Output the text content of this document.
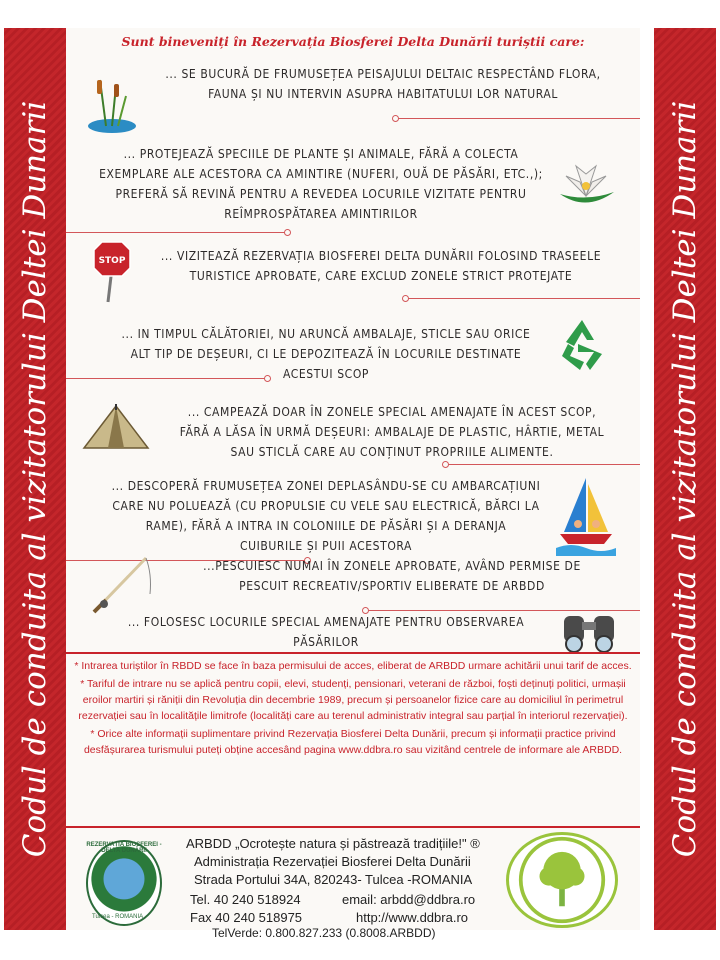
Codul de conduita al vizitatorului Deltei Dunarii	Codul de conduita al vizitatorului Deltei Dunarii
Sunt bineveniți în Rezervația Biosferei Delta Dunării turiștii care:
... SE BUCURĂ DE FRUMUSEȚEA PEISAJULUI DELTAIC RESPECTÂND FLORA,
FAUNA ȘI NU INTERVIN ASUPRA HABITATULUI LOR NATURAL
... PROTEJEAZĂ SPECIILE DE PLANTE ȘI ANIMALE, FĂRĂ A COLECTA
EXEMPLARE ALE ACESTORA CA AMINTIRE (NUFERI, OUĂ DE PĂSĂRI, ETC.,);
PREFERĂ SĂ REVINĂ PENTRU A REVEDEA LOCURILE VIZITATE PENTRU
REÎMPROSPĂTAREA AMINTIRILOR
STOP	... VIZITEAZĂ REZERVAȚIA BIOSFEREI DELTA DUNĂRII FOLOSIND TRASEELE
TURISTICE APROBATE, CARE EXCLUD ZONELE STRICT PROTEJATE
... IN TIMPUL CĂLĂTORIEI, NU ARUNCĂ AMBALAJE, STICLE SAU ORICE
ALT TIP DE DEȘEURI, CI LE DEPOZITEAZĂ ÎN LOCURILE DESTINATE
ACESTUI SCOP
... CAMPEAZĂ DOAR ÎN ZONELE SPECIAL AMENAJATE ÎN ACEST SCOP,
FĂRĂ A LĂSA ÎN URMĂ DEȘEURI: AMBALAJE DE PLASTIC, HÂRTIE, METAL
SAU STICLĂ CARE AU CONȚINUT PROPRIILE ALIMENTE.
... DESCOPERĂ FRUMUSEȚEA ZONEI DEPLASÂNDU-SE CU AMBARCAȚIUNI
CARE NU POLUEAZĂ (CU PROPULSIE CU VELE SAU ELECTRICĂ, BĂRCI LA
RAME), FĂRĂ A INTRA IN COLONIILE DE PĂSĂRI ȘI A DERANJA
CUIBURILE ȘI PUII ACESTORA
...PESCUIESC NUMAI ÎN ZONELE APROBATE, AVÂND PERMISE DE
PESCUIT RECREATIV/SPORTIV ELIBERATE DE ARBDD
... FOLOSESC LOCURILE SPECIAL AMENAJATE PENTRU OBSERVAREA
PĂSĂRILOR

* Intrarea turiștilor în RBDD se face în baza permisului de acces, eliberat de ARBDD urmare achitării unui tarif de acces.

* Tariful de intrare nu se aplică pentru copii, elevi, studenți, pensionari, veterani de război, foști deținuți politici, urmașii eroilor martiri și răniții din Revoluția din decembrie 1989, precum și persoanelor fizice care au domiciliul în perimetrul rezervației sau în localitățile limitrofe (localități care au terenul administrativ integral sau parțial în interiorul rezervației).

* Orice alte informații suplimentare privind Rezervația Biosferei Delta Dunării, precum și informații practice privind desfășurarea turismului puteți obține accesând pagina www.ddbra.ro sau vizitând centrele de informare ale ARBDD.

REZERVAȚIA BIOSFEREI - DELTA DUNĂRII
Tulcea - ROMANIA
ARBDD „Ocrotește natura și păstrează tradițiile!" ®
Administrația Rezervației Biosferei Delta Dunării
Strada Portului 34A, 820243- Tulcea -ROMANIA
Tel. 40 240 518924	email: arbdd@ddbra.ro
Fax 40 240 518975	http://www.ddbra.ro
TelVerde: 0.800.827.233 (0.8008.ARBDD)
